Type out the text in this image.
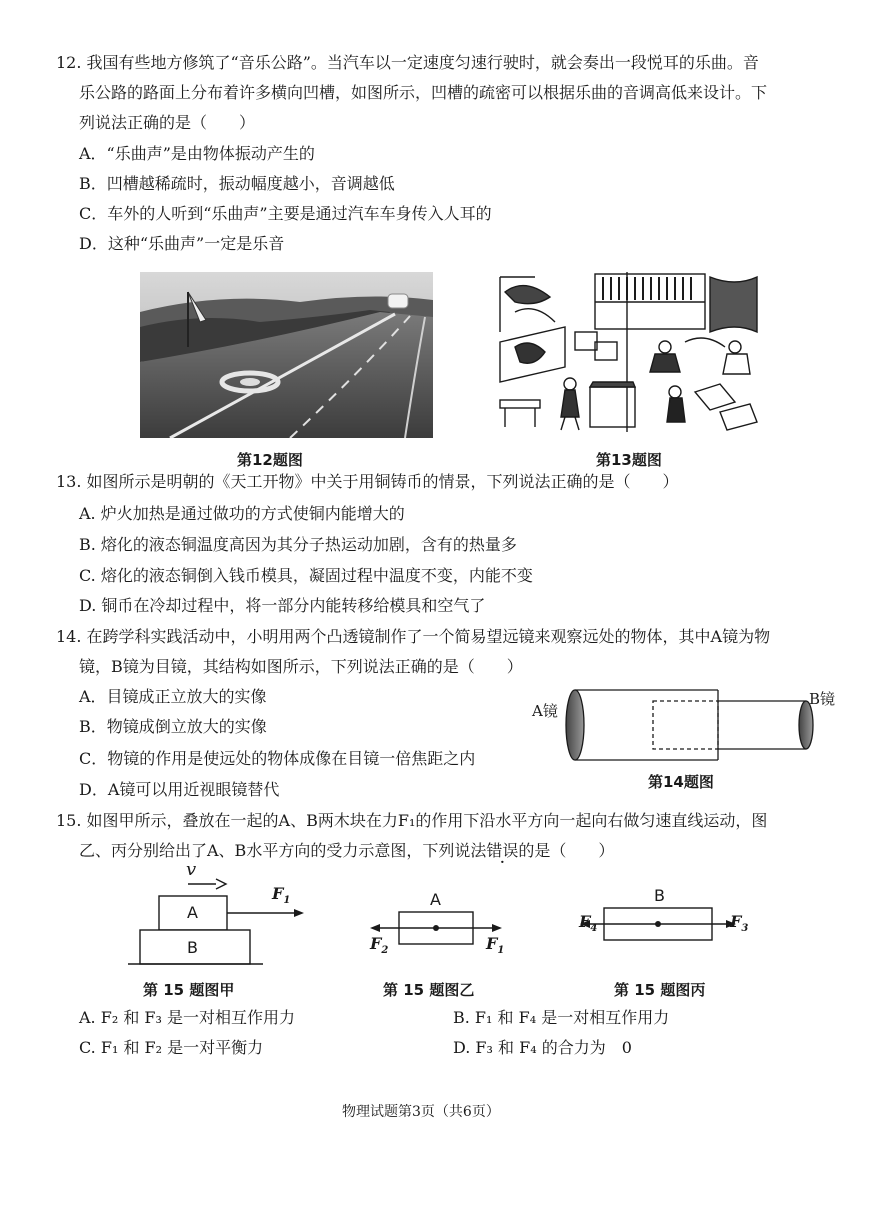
12. 我国有些地方修筑了“音乐公路”。当汽车以一定速度匀速行驶时，就会奏出一段悦耳的乐曲。音
乐公路的路面上分布着许多横向凹槽，如图所示，凹槽的疏密可以根据乐曲的音调高低来设计。下
列说法正确的是（　　）
A．“乐曲声”是由物体振动产生的
B．凹槽越稀疏时，振动幅度越小，音调越低
C．车外的人听到“乐曲声”主要是通过汽车车身传入人耳的
D．这种“乐曲声”一定是乐音
第12题图	第13题图
13. 如图所示是明朝的《天工开物》中关于用铜铸币的情景，下列说法正确的是（　　）
A. 炉火加热是通过做功的方式使铜内能增大的
B. 熔化的液态铜温度高因为其分子热运动加剧，含有的热量多
C. 熔化的液态铜倒入钱币模具，凝固过程中温度不变，内能不变
D. 铜币在冷却过程中，将一部分内能转移给模具和空气了
14. 在跨学科实践活动中，小明用两个凸透镜制作了一个简易望远镜来观察远处的物体，其中A镜为物
镜，B镜为目镜，其结构如图所示，下列说法正确的是（　　）
A．目镜成正立放大的实像
B．物镜成倒立放大的实像
C．物镜的作用是使远处的物体成像在目镜一倍焦距之内
D．A镜可以用近视眼镜替代
A镜
B镜
第14题图
15. 如图甲所示，叠放在一起的A、B两木块在力F₁的作用下沿水平方向一起向右做匀速直线运动，图
乙、丙分别给出了A、B水平方向的受力示意图，下列说法错误的是（　　）
v
A
B
$F_1$
第 15 题图甲
A
$F_2$	$F_1$
第 15 题图乙
B
$F_4$	$F_3$
第 15 题图丙
A. F₂ 和 F₃ 是一对相互作用力	B. F₁ 和 F₄ 是一对相互作用力
C. F₁ 和 F₂ 是一对平衡力	D. F₃ 和 F₄ 的合力为　0
物理试题第3页（共6页）
